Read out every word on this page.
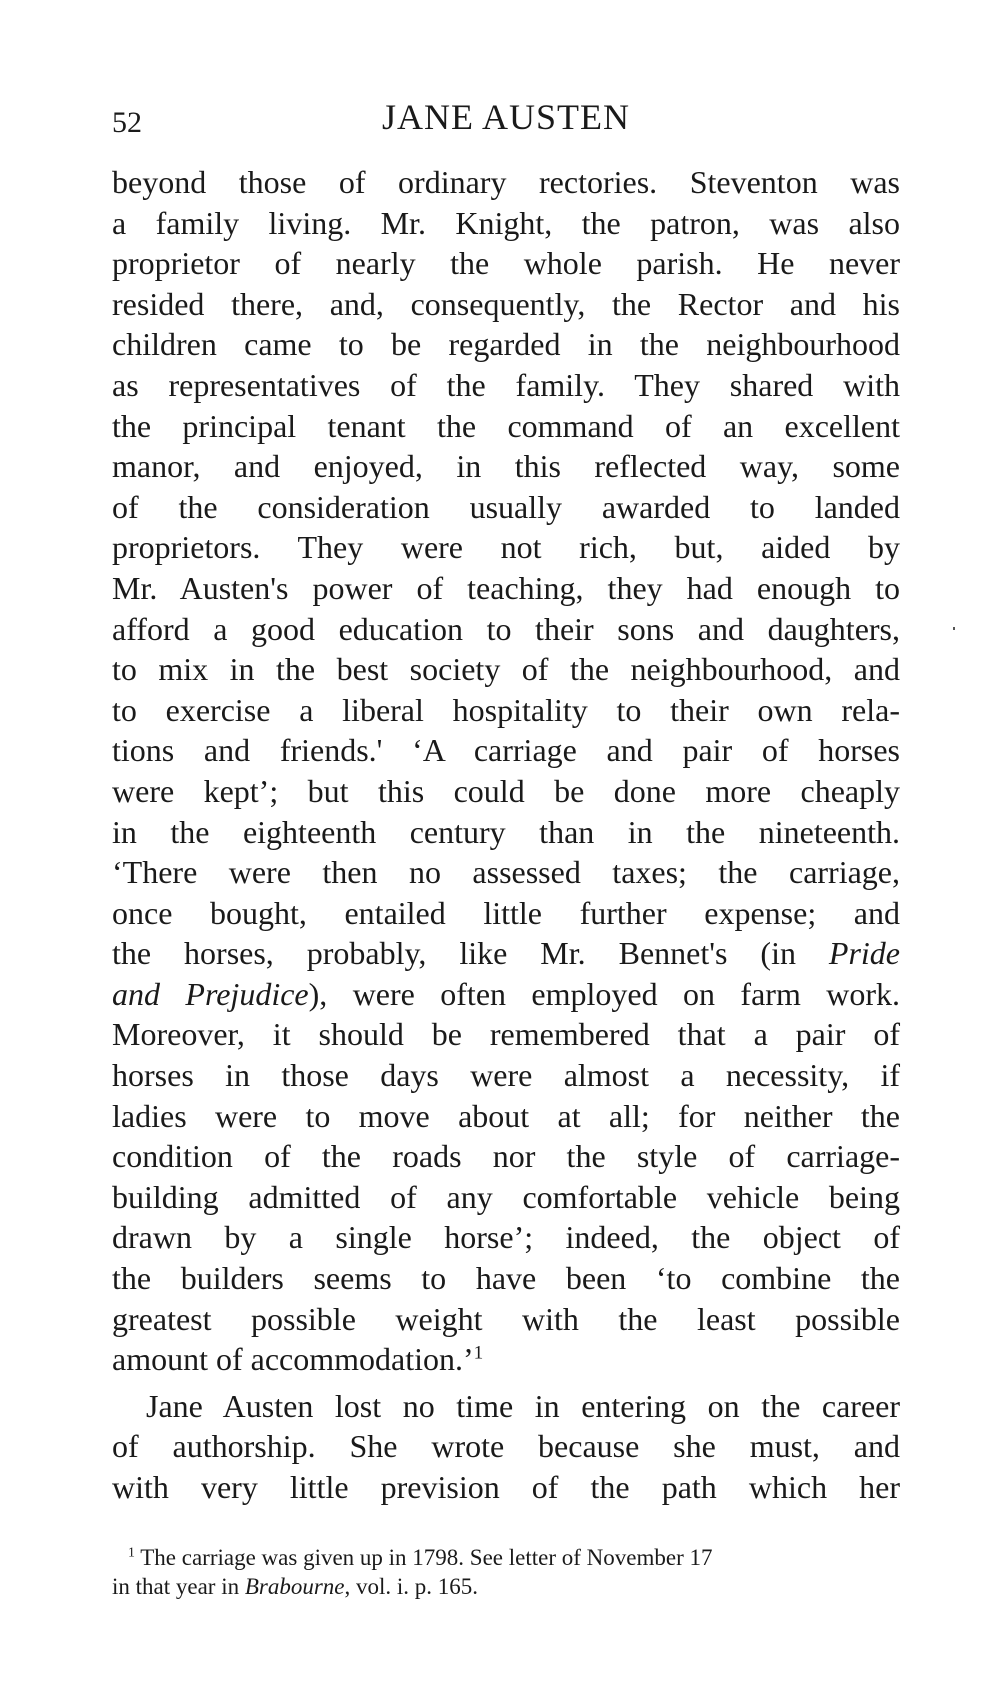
52	JANE AUSTEN
beyond those of ordinary rectories. Steventon was
a family living. Mr. Knight, the patron, was also
proprietor of nearly the whole parish. He never
resided there, and, consequently, the Rector and his
children came to be regarded in the neighbourhood
as representatives of the family. They shared with
the principal tenant the command of an excellent
manor, and enjoyed, in this reflected way, some
of the consideration usually awarded to landed
proprietors. They were not rich, but, aided by
Mr. Austen's power of teaching, they had enough to
afford a good education to their sons and daughters,
to mix in the best society of the neighbourhood, and
to exercise a liberal hospitality to their own rela-
tions and friends.' ‘A carriage and pair of horses
were kept’; but this could be done more cheaply
in the eighteenth century than in the nineteenth.
‘There were then no assessed taxes; the carriage,
once bought, entailed little further expense; and
the horses, probably, like Mr. Bennet's (in Pride
and Prejudice), were often employed on farm work.
Moreover, it should be remembered that a pair of
horses in those days were almost a necessity, if
ladies were to move about at all; for neither the
condition of the roads nor the style of carriage-
building admitted of any comfortable vehicle being
drawn by a single horse’; indeed, the object of
the builders seems to have been ‘to combine the
greatest possible weight with the least possible
amount of accommodation.’$^1$
Jane Austen lost no time in entering on the career
of authorship. She wrote because she must, and
with very little prevision of the path which her
$^1$ The carriage was given up in 1798. See letter of November 17
in that year in Brabourne, vol. i. p. 165.
